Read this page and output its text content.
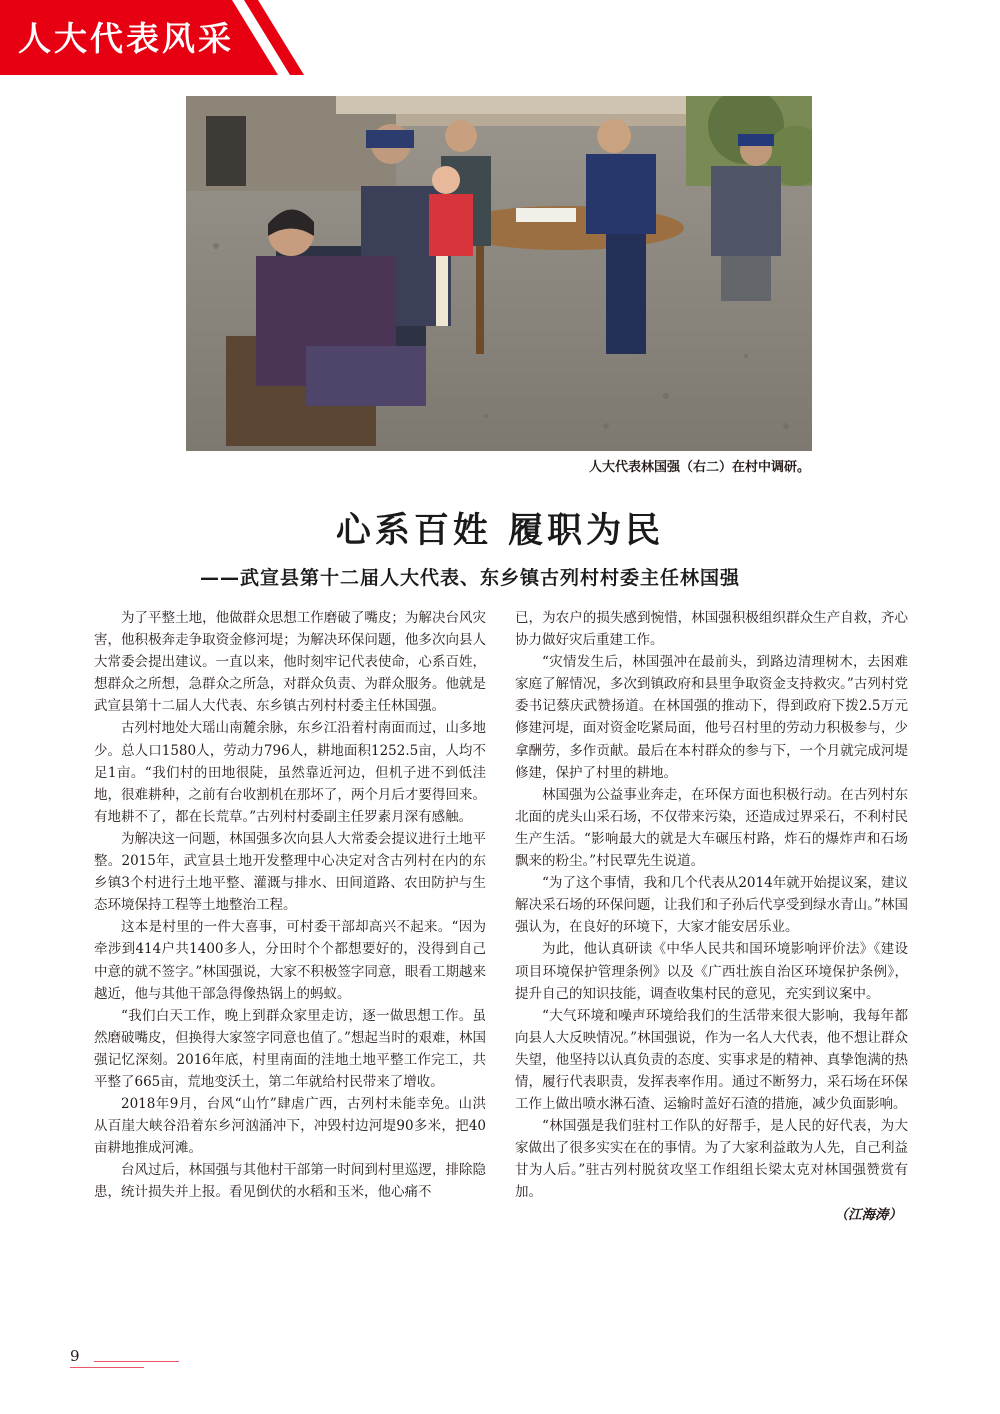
人大代表风采
人大代表林国强（右二）在村中调研。
心系百姓 履职为民
——武宣县第十二届人大代表、东乡镇古列村村委主任林国强

为了平整土地，他做群众思想工作磨破了嘴皮；为解决台风灾害，他积极奔走争取资金修河堤；为解决环保问题，他多次向县人大常委会提出建议。一直以来，他时刻牢记代表使命，心系百姓，想群众之所想，急群众之所急，对群众负责、为群众服务。他就是武宣县第十二届人大代表、东乡镇古列村村委主任林国强。

古列村地处大瑶山南麓余脉，东乡江沿着村南面而过，山多地少。总人口1580人，劳动力796人，耕地面积1252.5亩，人均不足1亩。“我们村的田地很陡，虽然靠近河边，但机子进不到低洼地，很难耕种，之前有台收割机在那坏了，两个月后才要得回来。有地耕不了，都在长荒草。”古列村村委副主任罗素月深有感触。

为解决这一问题，林国强多次向县人大常委会提议进行土地平整。2015年，武宣县土地开发整理中心决定对含古列村在内的东乡镇3个村进行土地平整、灌溉与排水、田间道路、农田防护与生态环境保持工程等土地整治工程。

这本是村里的一件大喜事，可村委干部却高兴不起来。“因为牵涉到414户共1400多人，分田时个个都想要好的，没得到自己中意的就不签字。”林国强说，大家不积极签字同意，眼看工期越来越近，他与其他干部急得像热锅上的蚂蚁。

“我们白天工作，晚上到群众家里走访，逐一做思想工作。虽然磨破嘴皮，但换得大家签字同意也值了。”想起当时的艰难，林国强记忆深刻。2016年底，村里南面的洼地土地平整工作完工，共平整了665亩，荒地变沃土，第二年就给村民带来了增收。

2018年9月，台风“山竹”肆虐广西，古列村未能幸免。山洪从百崖大峡谷沿着东乡河汹涌冲下，冲毁村边河堤90多米，把40亩耕地推成河滩。

台风过后，林国强与其他村干部第一时间到村里巡逻，排除隐患，统计损失并上报。看见倒伏的水稻和玉米，他心痛不

已，为农户的损失感到惋惜，林国强积极组织群众生产自救，齐心协力做好灾后重建工作。

“灾情发生后，林国强冲在最前头，到路边清理树木，去困难家庭了解情况，多次到镇政府和县里争取资金支持救灾。”古列村党委书记蔡庆武赞扬道。在林国强的推动下，得到政府下拨2.5万元修建河堤，面对资金吃紧局面，他号召村里的劳动力积极参与，少拿酬劳，多作贡献。最后在本村群众的参与下，一个月就完成河堤修建，保护了村里的耕地。

林国强为公益事业奔走，在环保方面也积极行动。在古列村东北面的虎头山采石场，不仅带来污染，还造成过界采石，不利村民生产生活。“影响最大的就是大车碾压村路，炸石的爆炸声和石场飘来的粉尘。”村民覃先生说道。

“为了这个事情，我和几个代表从2014年就开始提议案，建议解决采石场的环保问题，让我们和子孙后代享受到绿水青山。”林国强认为，在良好的环境下，大家才能安居乐业。

为此，他认真研读《中华人民共和国环境影响评价法》《建设项目环境保护管理条例》以及《广西壮族自治区环境保护条例》，提升自己的知识技能，调查收集村民的意见，充实到议案中。

“大气环境和噪声环境给我们的生活带来很大影响，我每年都向县人大反映情况。”林国强说，作为一名人大代表，他不想让群众失望，他坚持以认真负责的态度、实事求是的精神、真挚饱满的热情，履行代表职责，发挥表率作用。通过不断努力，采石场在环保工作上做出喷水淋石渣、运输时盖好石渣的措施，减少负面影响。

“林国强是我们驻村工作队的好帮手，是人民的好代表，为大家做出了很多实实在在的事情。为了大家利益敢为人先，自己利益甘为人后。”驻古列村脱贫攻坚工作组组长梁太克对林国强赞赏有加。

（江海涛）
9
